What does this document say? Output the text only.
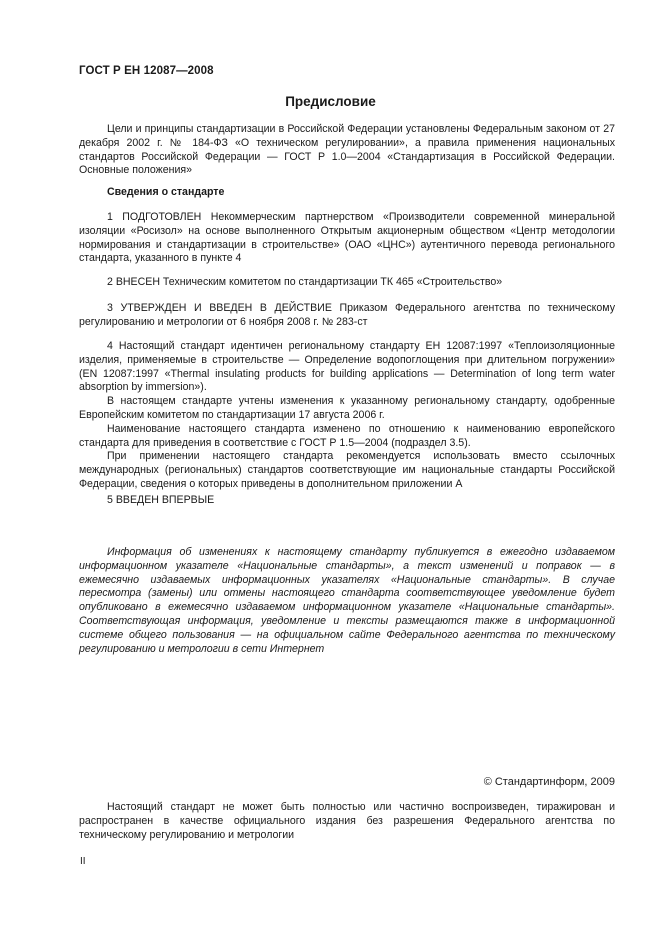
ГОСТ Р ЕН 12087—2008
Предисловие
Цели и принципы стандартизации в Российской Федерации установлены Федеральным законом от 27 декабря 2002 г. № 184-ФЗ «О техническом регулировании», а правила применения национальных стандартов Российской Федерации — ГОСТ Р 1.0—2004 «Стандартизация в Российской Федерации. Основные положения»
Сведения о стандарте
1 ПОДГОТОВЛЕН Некоммерческим партнерством «Производители современной минеральной изоляции «Росизол» на основе выполненного Открытым акционерным обществом «Центр методологии нормирования и стандартизации в строительстве» (ОАО «ЦНС») аутентичного перевода регионального стандарта, указанного в пункте 4
2 ВНЕСЕН Техническим комитетом по стандартизации ТК 465 «Строительство»
3 УТВЕРЖДЕН И ВВЕДЕН В ДЕЙСТВИЕ Приказом Федерального агентства по техническому регулированию и метрологии от 6 ноября 2008 г. № 283-ст

4 Настоящий стандарт идентичен региональному стандарту ЕН 12087:1997 «Теплоизоляционные изделия, применяемые в строительстве — Определение водопоглощения при длительном погружении» (EN 12087:1997 «Thermal insulating products for building applications — Determination of long term water absorption by immersion»).

В настоящем стандарте учтены изменения к указанному региональному стандарту, одобренные Европейским комитетом по стандартизации 17 августа 2006 г.

Наименование настоящего стандарта изменено по отношению к наименованию европейского стандарта для приведения в соответствие с ГОСТ Р 1.5—2004 (подраздел 3.5).

При применении настоящего стандарта рекомендуется использовать вместо ссылочных международных (региональных) стандартов соответствующие им национальные стандарты Российской Федерации, сведения о которых приведены в дополнительном приложении А

5 ВВЕДЕН ВПЕРВЫЕ
Информация об изменениях к настоящему стандарту публикуется в ежегодно издаваемом информационном указателе «Национальные стандарты», а текст изменений и поправок — в ежемесячно издаваемых информационных указателях «Национальные стандарты». В случае пересмотра (замены) или отмены настоящего стандарта соответствующее уведомление будет опубликовано в ежемесячно издаваемом информационном указателе «Национальные стандарты». Соответствующая информация, уведомление и тексты размещаются также в информационной системе общего пользования — на официальном сайте Федерального агентства по техническому регулированию и метрологии в сети Интернет
© Стандартинформ, 2009
Настоящий стандарт не может быть полностью или частично воспроизведен, тиражирован и распространен в качестве официального издания без разрешения Федерального агентства по техническому регулированию и метрологии
II
